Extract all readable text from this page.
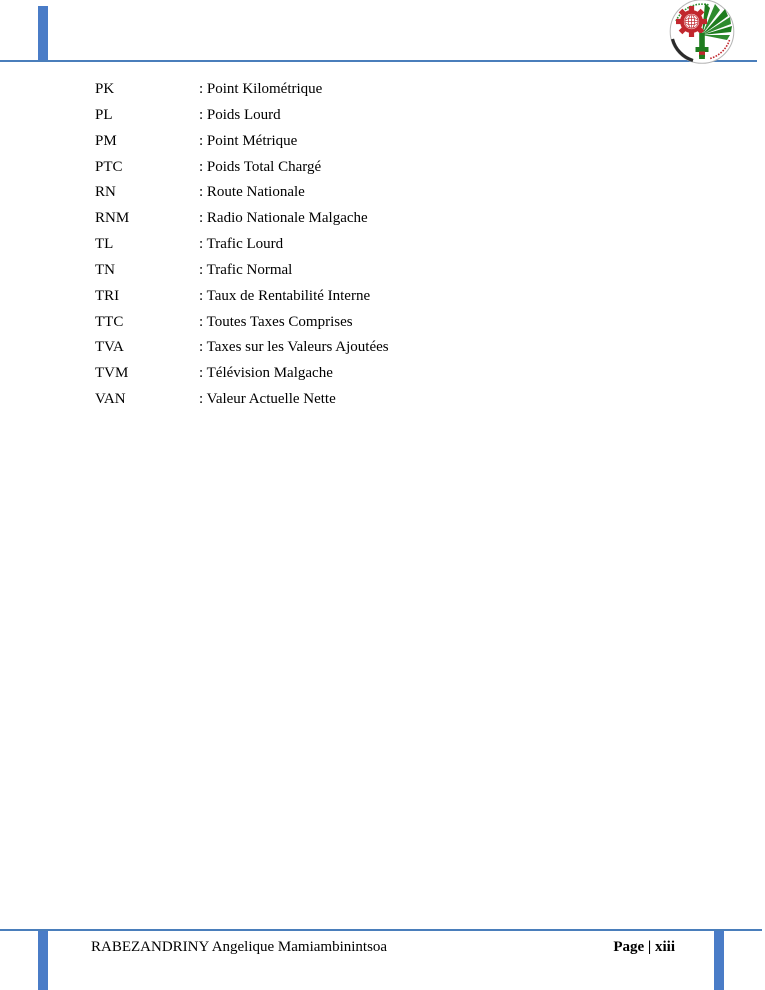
PK	: Point Kilométrique
PL	: Poids Lourd
PM	: Point Métrique
PTC	: Poids Total Chargé
RN	: Route Nationale
RNM	: Radio Nationale Malgache
TL	: Trafic Lourd
TN	: Trafic Normal
TRI	: Taux de Rentabilité Interne
TTC	: Toutes Taxes Comprises
TVA	: Taxes sur les Valeurs Ajoutées
TVM	: Télévision Malgache
VAN	: Valeur Actuelle Nette
RABEZANDRINY Angelique Mamiambinintsoa	Page | xiii
